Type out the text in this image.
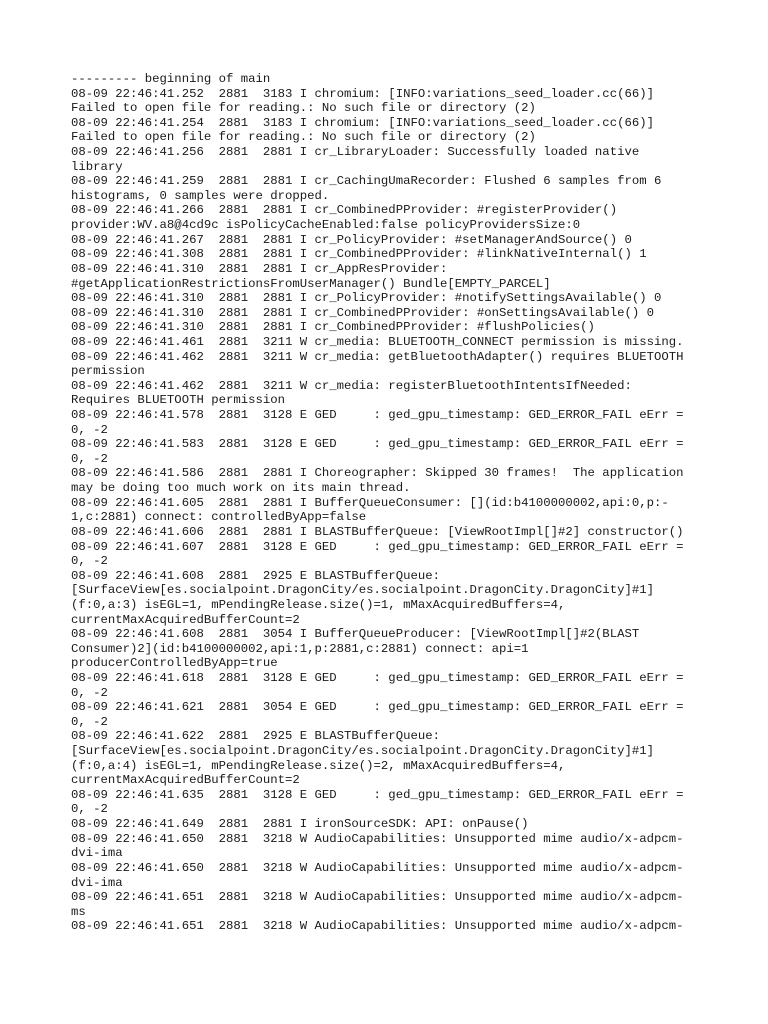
--------- beginning of main
08-09 22:46:41.252  2881  3183 I chromium: [INFO:variations_seed_loader.cc(66)]
Failed to open file for reading.: No such file or directory (2)
08-09 22:46:41.254  2881  3183 I chromium: [INFO:variations_seed_loader.cc(66)]
Failed to open file for reading.: No such file or directory (2)
08-09 22:46:41.256  2881  2881 I cr_LibraryLoader: Successfully loaded native
library
08-09 22:46:41.259  2881  2881 I cr_CachingUmaRecorder: Flushed 6 samples from 6
histograms, 0 samples were dropped.
08-09 22:46:41.266  2881  2881 I cr_CombinedPProvider: #registerProvider()
provider:WV.a8@4cd9c isPolicyCacheEnabled:false policyProvidersSize:0
08-09 22:46:41.267  2881  2881 I cr_PolicyProvider: #setManagerAndSource() 0
08-09 22:46:41.308  2881  2881 I cr_CombinedPProvider: #linkNativeInternal() 1
08-09 22:46:41.310  2881  2881 I cr_AppResProvider:
#getApplicationRestrictionsFromUserManager() Bundle[EMPTY_PARCEL]
08-09 22:46:41.310  2881  2881 I cr_PolicyProvider: #notifySettingsAvailable() 0
08-09 22:46:41.310  2881  2881 I cr_CombinedPProvider: #onSettingsAvailable() 0
08-09 22:46:41.310  2881  2881 I cr_CombinedPProvider: #flushPolicies()
08-09 22:46:41.461  2881  3211 W cr_media: BLUETOOTH_CONNECT permission is missing.
08-09 22:46:41.462  2881  3211 W cr_media: getBluetoothAdapter() requires BLUETOOTH
permission
08-09 22:46:41.462  2881  3211 W cr_media: registerBluetoothIntentsIfNeeded:
Requires BLUETOOTH permission
08-09 22:46:41.578  2881  3128 E GED     : ged_gpu_timestamp: GED_ERROR_FAIL eErr =
0, -2
08-09 22:46:41.583  2881  3128 E GED     : ged_gpu_timestamp: GED_ERROR_FAIL eErr =
0, -2
08-09 22:46:41.586  2881  2881 I Choreographer: Skipped 30 frames!  The application
may be doing too much work on its main thread.
08-09 22:46:41.605  2881  2881 I BufferQueueConsumer: [](id:b4100000002,api:0,p:-
1,c:2881) connect: controlledByApp=false
08-09 22:46:41.606  2881  2881 I BLASTBufferQueue: [ViewRootImpl[]#2] constructor()
08-09 22:46:41.607  2881  3128 E GED     : ged_gpu_timestamp: GED_ERROR_FAIL eErr =
0, -2
08-09 22:46:41.608  2881  2925 E BLASTBufferQueue:
[SurfaceView[es.socialpoint.DragonCity/es.socialpoint.DragonCity.DragonCity]#1]
(f:0,a:3) isEGL=1, mPendingRelease.size()=1, mMaxAcquiredBuffers=4,
currentMaxAcquiredBufferCount=2
08-09 22:46:41.608  2881  3054 I BufferQueueProducer: [ViewRootImpl[]#2(BLAST
Consumer)2](id:b4100000002,api:1,p:2881,c:2881) connect: api=1
producerControlledByApp=true
08-09 22:46:41.618  2881  3128 E GED     : ged_gpu_timestamp: GED_ERROR_FAIL eErr =
0, -2
08-09 22:46:41.621  2881  3054 E GED     : ged_gpu_timestamp: GED_ERROR_FAIL eErr =
0, -2
08-09 22:46:41.622  2881  2925 E BLASTBufferQueue:
[SurfaceView[es.socialpoint.DragonCity/es.socialpoint.DragonCity.DragonCity]#1]
(f:0,a:4) isEGL=1, mPendingRelease.size()=2, mMaxAcquiredBuffers=4,
currentMaxAcquiredBufferCount=2
08-09 22:46:41.635  2881  3128 E GED     : ged_gpu_timestamp: GED_ERROR_FAIL eErr =
0, -2
08-09 22:46:41.649  2881  2881 I ironSourceSDK: API: onPause()
08-09 22:46:41.650  2881  3218 W AudioCapabilities: Unsupported mime audio/x-adpcm-
dvi-ima
08-09 22:46:41.650  2881  3218 W AudioCapabilities: Unsupported mime audio/x-adpcm-
dvi-ima
08-09 22:46:41.651  2881  3218 W AudioCapabilities: Unsupported mime audio/x-adpcm-
ms
08-09 22:46:41.651  2881  3218 W AudioCapabilities: Unsupported mime audio/x-adpcm-
